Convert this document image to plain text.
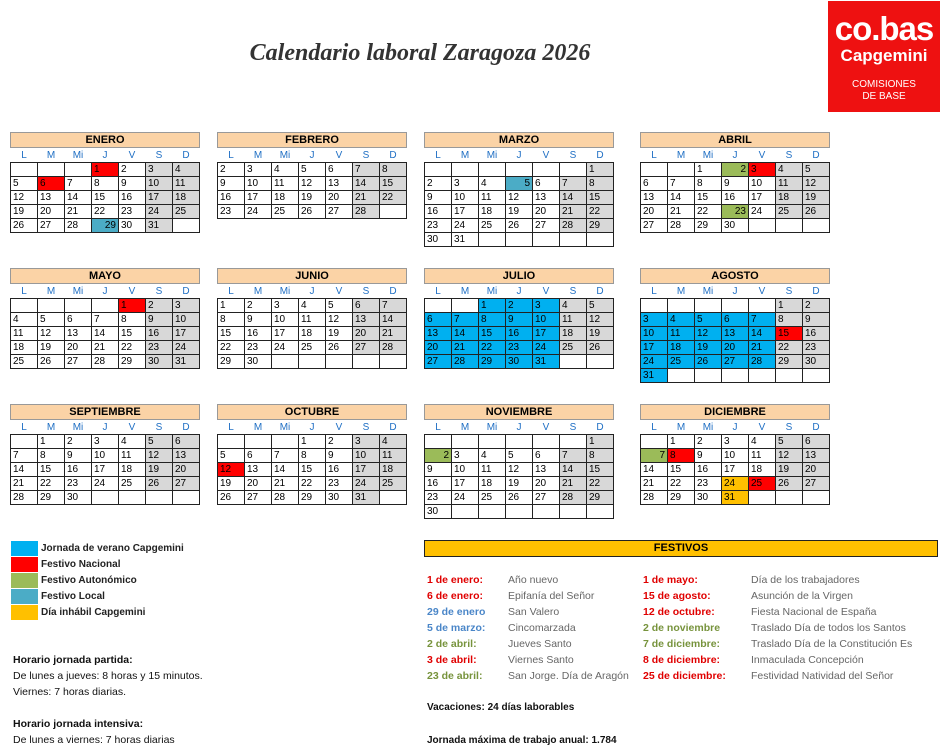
Calendario laboral Zaragoza 2026
co.bas
Capgemini
COMISIONES
DE BASE
ENERO
L	M	Mi	J	V	S	D
			1	2	3	4
5	6	7	8	9	10	11
12	13	14	15	16	17	18
19	20	21	22	23	24	25
26	27	28	29	30	31	
FEBRERO
L	M	Mi	J	V	S	D
2	3	4	5	6	7	8
9	10	11	12	13	14	15
16	17	18	19	20	21	22
23	24	25	26	27	28	
MARZO
L	M	Mi	J	V	S	D
						1
2	3	4	5	6	7	8
9	10	11	12	13	14	15
16	17	18	19	20	21	22
23	24	25	26	27	28	29
30	31					
ABRIL
L	M	Mi	J	V	S	D
		1	2	3	4	5
6	7	8	9	10	11	12
13	14	15	16	17	18	19
20	21	22	23	24	25	26
27	28	29	30			
MAYO
L	M	Mi	J	V	S	D
				1	2	3
4	5	6	7	8	9	10
11	12	13	14	15	16	17
18	19	20	21	22	23	24
25	26	27	28	29	30	31
JUNIO
L	M	Mi	J	V	S	D
1	2	3	4	5	6	7
8	9	10	11	12	13	14
15	16	17	18	19	20	21
22	23	24	25	26	27	28
29	30					
JULIO
L	M	Mi	J	V	S	D
		1	2	3	4	5
6	7	8	9	10	11	12
13	14	15	16	17	18	19
20	21	22	23	24	25	26
27	28	29	30	31		
AGOSTO
L	M	Mi	J	V	S	D
					1	2
3	4	5	6	7	8	9
10	11	12	13	14	15	16
17	18	19	20	21	22	23
24	25	26	27	28	29	30
31						
SEPTIEMBRE
L	M	Mi	J	V	S	D
	1	2	3	4	5	6
7	8	9	10	11	12	13
14	15	16	17	18	19	20
21	22	23	24	25	26	27
28	29	30				
OCTUBRE
L	M	Mi	J	V	S	D
			1	2	3	4
5	6	7	8	9	10	11
12	13	14	15	16	17	18
19	20	21	22	23	24	25
26	27	28	29	30	31	
NOVIEMBRE
L	M	Mi	J	V	S	D
						1
2	3	4	5	6	7	8
9	10	11	12	13	14	15
16	17	18	19	20	21	22
23	24	25	26	27	28	29
30						
DICIEMBRE
L	M	Mi	J	V	S	D
	1	2	3	4	5	6
7	8	9	10	11	12	13
14	15	16	17	18	19	20
21	22	23	24	25	26	27
28	29	30	31			
Jornada de verano Capgemini
Festivo Nacional
Festivo Autonómico
Festivo Local
Día inhábil Capgemini
Horario jornada partida:
De lunes a jueves: 8 horas y 15 minutos.
Viernes: 7 horas diarias.
Horario jornada intensiva:
De lunes a viernes: 7 horas diarias
FESTIVOS
1 de enero: Año nuevo
6 de enero: Epifanía del Señor
29 de enero San Valero
5 de marzo: Cincomarzada
2 de abril:	Jueves Santo
3 de abril:	Viernes Santo
23 de abril: San Jorge. Día de Aragón
1 de mayo:	Día de los trabajadores
15 de agosto:	Asunción de la Virgen
12 de octubre:	Fiesta Nacional de España
2 de noviembre	Traslado Día de todos los Santos
7 de diciembre:	Traslado Día de la Constitución Es
8 de diciembre:	Inmaculada Concepción
25 de diciembre: Festividad Natividad del Señor
Vacaciones: 24 días laborables
Jornada máxima de trabajo anual: 1.784
